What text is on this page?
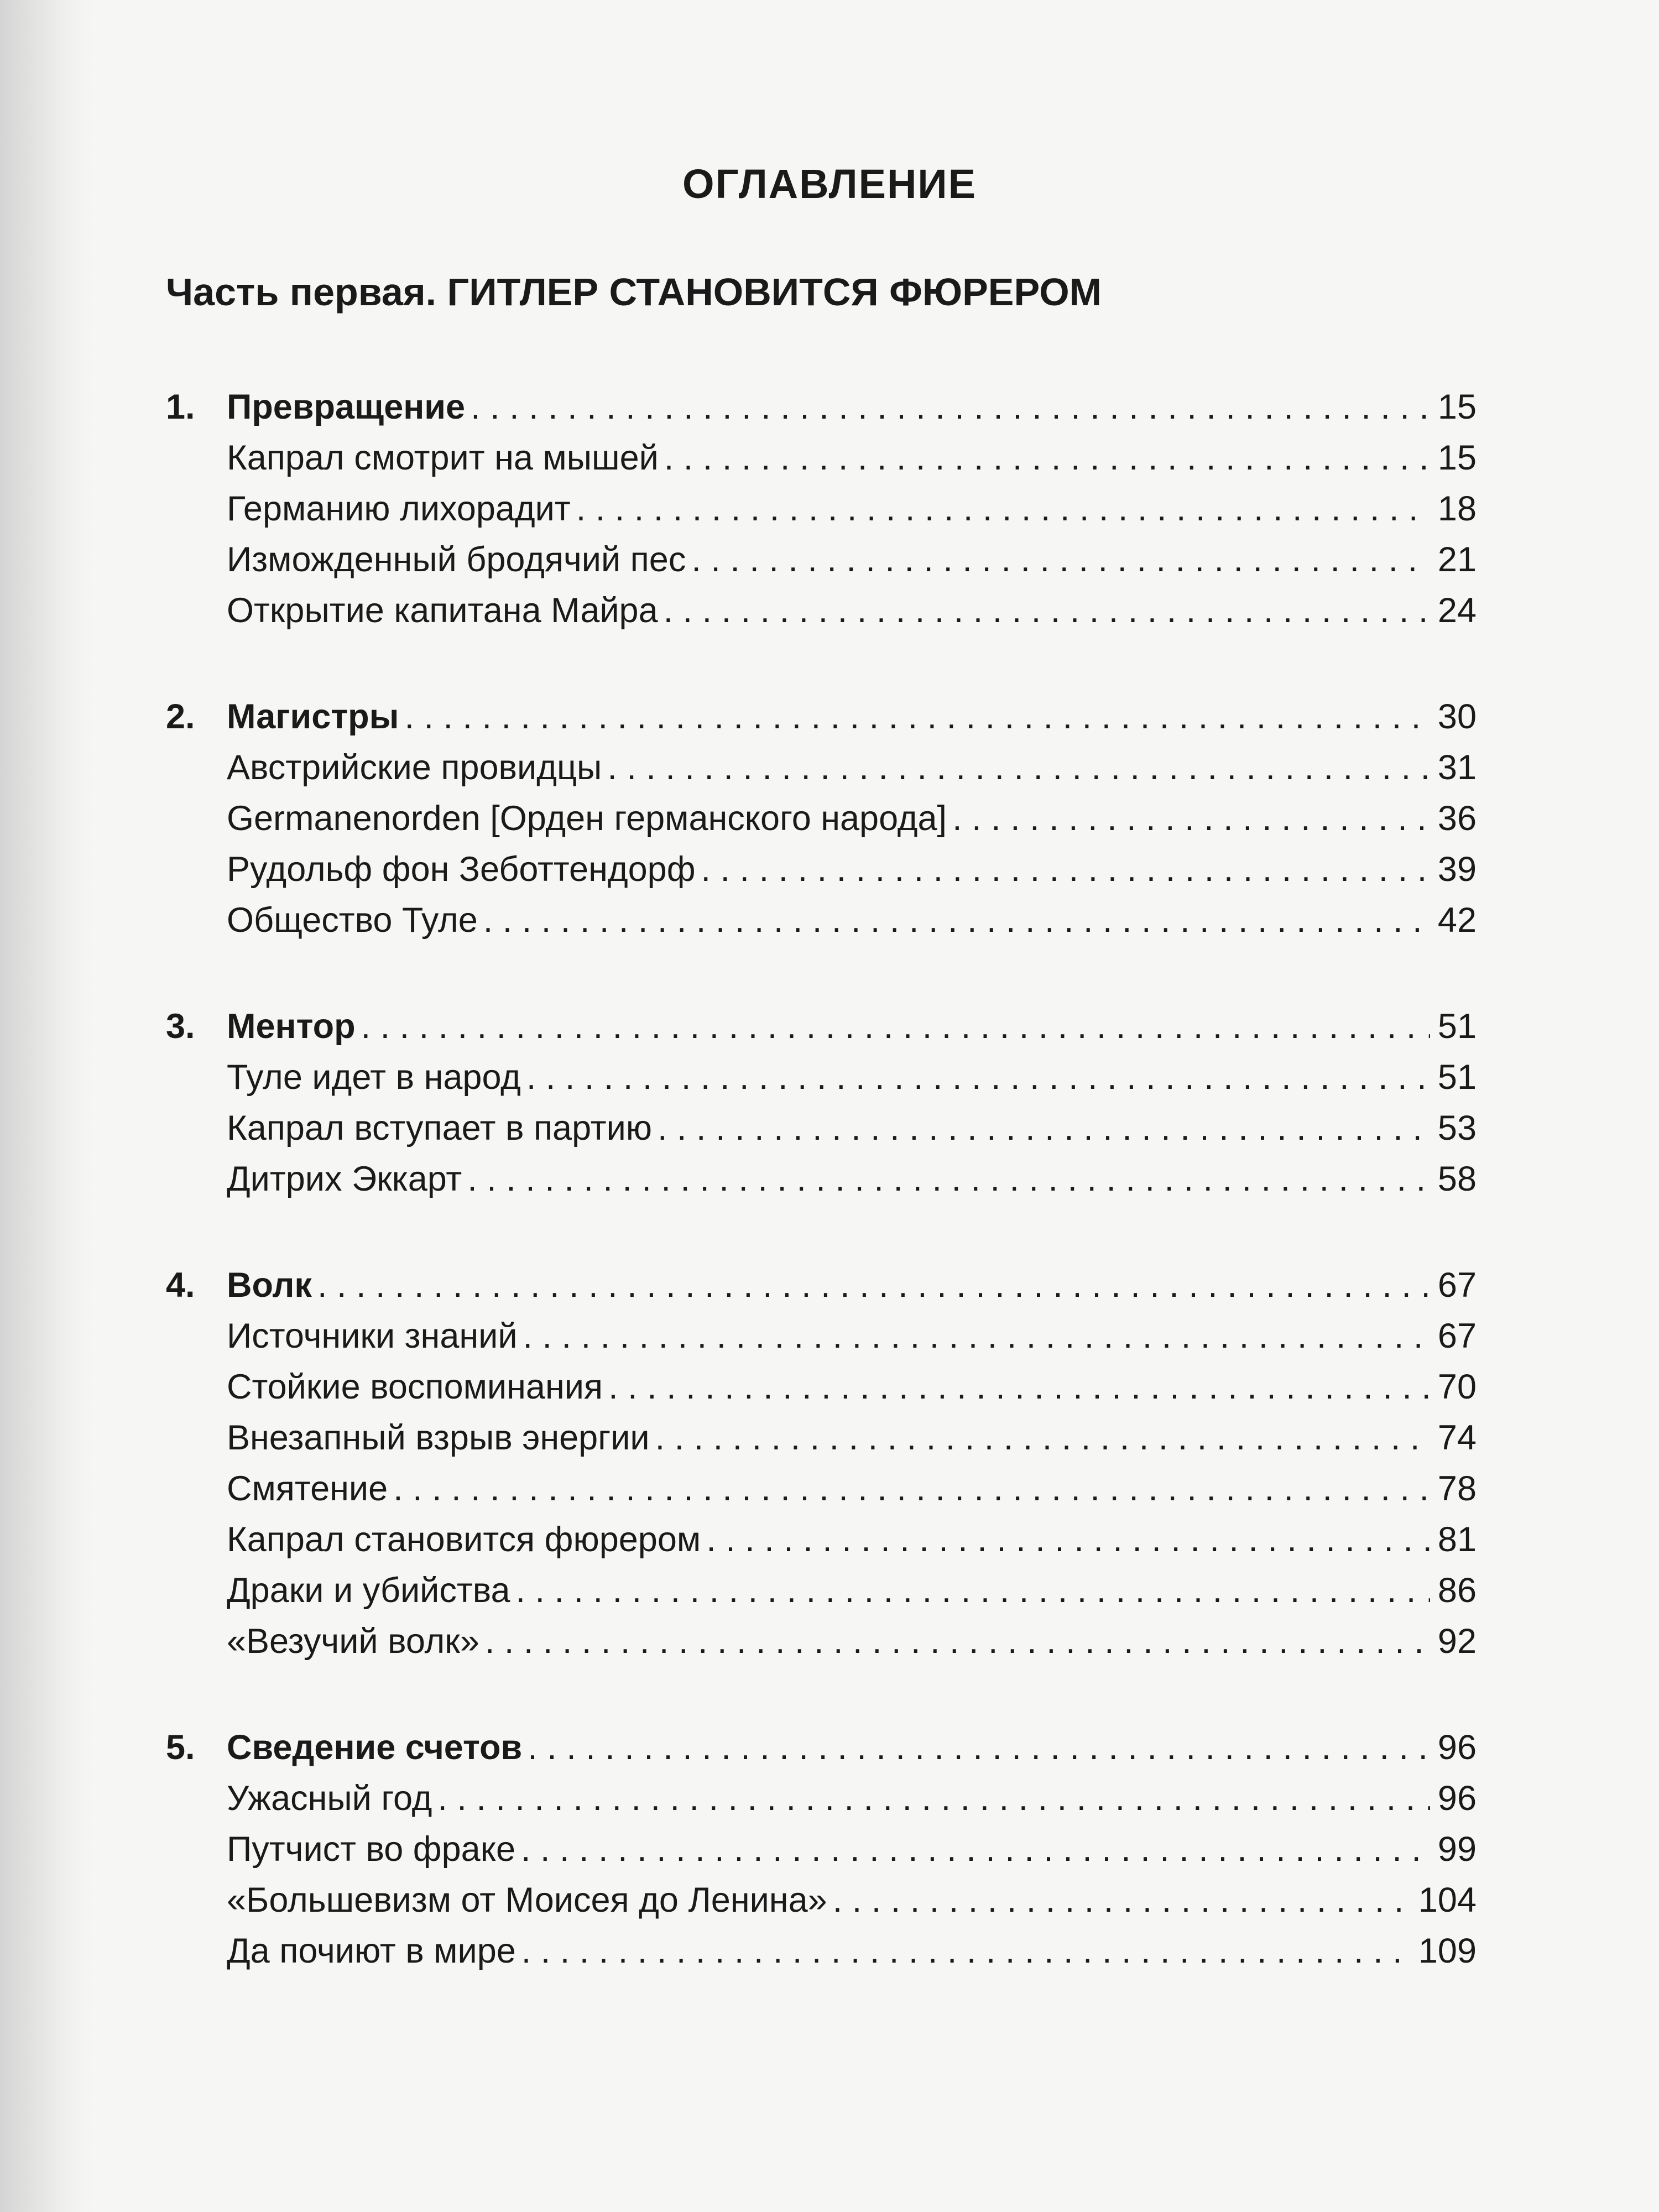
ОГЛАВЛЕНИЕ
Часть первая. ГИТЛЕР СТАНОВИТСЯ ФЮРЕРОМ
1. Превращение . . .	15
Капрал смотрит на мышей . . .	15
Германию лихорадит . . .	18
Изможденный бродячий пес . . .	21
Открытие капитана Майра . . .	24
2. Магистры . . .	30
Австрийские провидцы . . .	31
Germanenorden [Орден германского народа] . . .	36
Рудольф фон Зеботтендорф . . .	39
Общество Туле . . .	42
3. Ментор . . .	51
Туле идет в народ . . .	51
Капрал вступает в партию . . .	53
Дитрих Эккарт . . .	58
4. Волк . . .	67
Источники знаний . . .	67
Стойкие воспоминания . . .	70
Внезапный взрыв энергии . . .	74
Смятение . . .	78
Капрал становится фюрером . . .	81
Драки и убийства . . .	86
«Везучий волк» . . .	92
5. Сведение счетов . . .	96
Ужасный год . . .	96
Путчист во фраке . . .	99
«Большевизм от Моисея до Ленина» . . .	104
Да почиют в мире . . .	109
